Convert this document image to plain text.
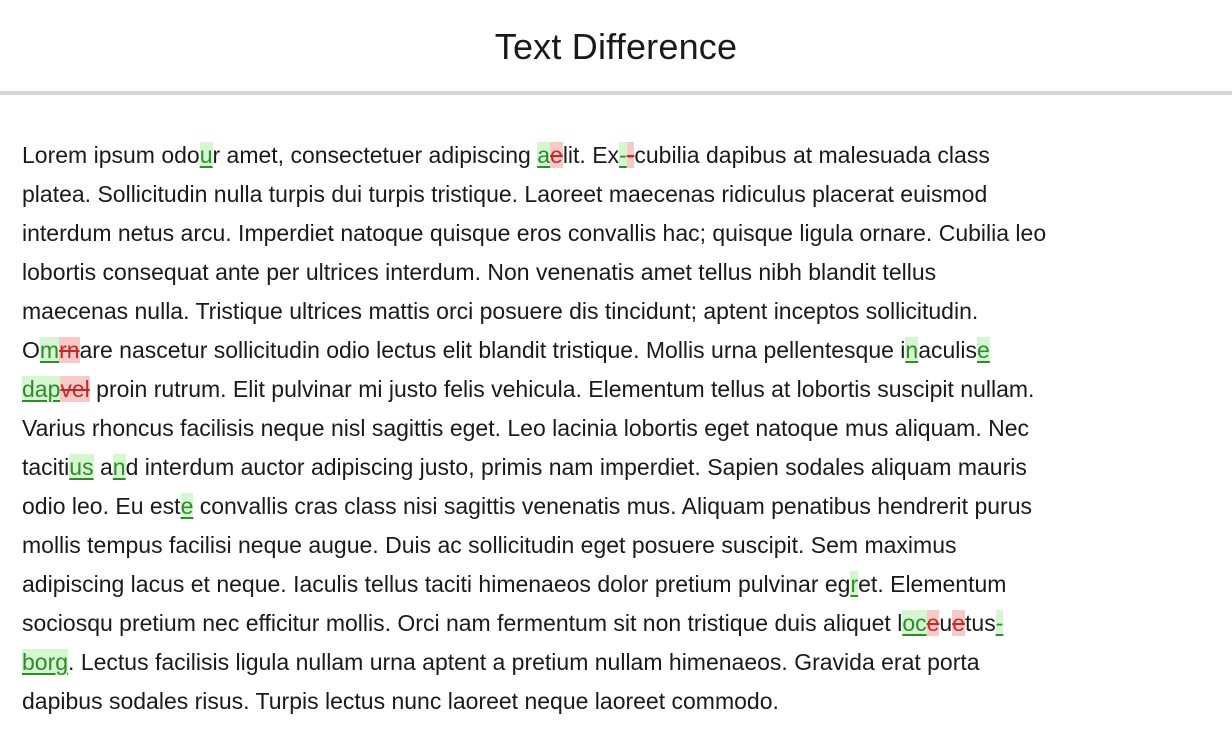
Text Difference
Lorem ipsum odour amet, consectetuer adipiscing aelit. Ex--cubilia dapibus at malesuada class
platea. Sollicitudin nulla turpis dui turpis tristique. Laoreet maecenas ridiculus placerat euismod
interdum netus arcu. Imperdiet natoque quisque eros convallis hac; quisque ligula ornare. Cubilia leo
lobortis consequat ante per ultrices interdum. Non venenatis amet tellus nibh blandit tellus
maecenas nulla. Tristique ultrices mattis orci posuere dis tincidunt; aptent inceptos sollicitudin.
Omrnare nascetur sollicitudin odio lectus elit blandit tristique. Mollis urna pellentesque inaculise
dapvel proin rutrum. Elit pulvinar mi justo felis vehicula. Elementum tellus at lobortis suscipit nullam.
Varius rhoncus facilisis neque nisl sagittis eget. Leo lacinia lobortis eget natoque mus aliquam. Nec
tacitius and interdum auctor adipiscing justo, primis nam imperdiet. Sapien sodales aliquam mauris
odio leo. Eu este convallis cras class nisi sagittis venenatis mus. Aliquam penatibus hendrerit purus
mollis tempus facilisi neque augue. Duis ac sollicitudin eget posuere suscipit. Sem maximus
adipiscing lacus et neque. Iaculis tellus taciti himenaeos dolor pretium pulvinar egret. Elementum
sociosqu pretium nec efficitur mollis. Orci nam fermentum sit non tristique duis aliquet loceuetus-
borg. Lectus facilisis ligula nullam urna aptent a pretium nullam himenaeos. Gravida erat porta
dapibus sodales risus. Turpis lectus nunc laoreet neque laoreet commodo.
